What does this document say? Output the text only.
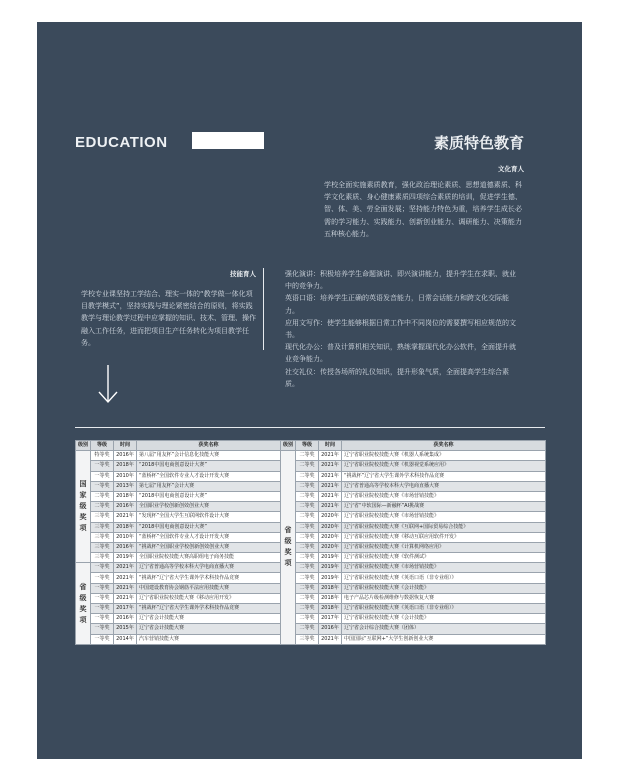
EDUCATION	素质特色教育
文化育人
学校全面实施素质教育，强化政治理论素质、思想道德素质、科学文化素质、身心健康素质四项综合素质的培训，促进学生德、智、体、美、劳全面发展；坚持能力特色为重，培养学生成长必需的学习能力、实践能力、创新创业能力、调研能力、决策能力五种核心能力。
技能育人
学校专业课坚持工学结合、理实一体的“教学做一体化项目教学模式”，坚持实践与理论紧密结合的原则，将实践教学与理论教学过程中应掌握的知识、技术、管理、操作融入工作任务，进而把项目生产任务转化为项目教学任务。
强化演讲：积极培养学生命题演讲、即兴演讲能力，提升学生在求职、就业中的竞争力。
英语口语：培养学生正确的英语发音能力，日常会话能力和跨文化交际能力。
应用文写作：使学生能够根据日常工作中不同岗位的需要撰写相应规范的文书。
现代化办公：普及计算机相关知识，熟练掌握现代化办公软件，全面提升就业竞争能力。
社交礼仪：传授各场所的礼仪知识，提升形象气质，全面提高学生综合素质。
级别	等级	时间	获奖名称	级别	等级	时间	获奖名称
国家级奖项	特等奖	2016年	第八届“用友杯”会计信息化技能大赛	省级奖项	二等奖	2021年	辽宁省职业院校技能大赛《机器人系统集成》
	一等奖	2018年	“2018中国电商创意设计大赛”		二等奖	2021年	辽宁省职业院校技能大赛《机器视觉系统应用》
	一等奖	2010年	“蓝桥杯”全国软件专业人才设计开发大赛		二等奖	2021年	“挑战杯”辽宁省大学生课外学术科技作品竞赛
	一等奖	2013年	第七届“用友杯”会计大赛		二等奖	2021年	辽宁省普通高等学校本科大学电商直播大赛
	二等奖	2018年	“2018中国电商创意设计大赛”		二等奖	2021年	辽宁省职业院校技能大赛《市场营销技能》
	二等奖	2016年	全国职业学校创新创效创业大赛		二等奖	2021年	辽宁省“中软国际—新融杯”AI挑战赛
	三等奖	2021年	“发现杯”全国大学生互联网软件设计大赛		二等奖	2020年	辽宁省职业院校技能大赛《市场营销技能》
	三等奖	2018年	“2018中国电商创意设计大赛”		二等奖	2020年	辽宁省职业院校技能大赛《互联网+国际贸易综合技能》
	三等奖	2010年	“蓝桥杯”全国软件专业人才设计开发大赛		二等奖	2020年	辽宁省职业院校技能大赛《移动互联应用软件开发》
	三等奖	2016年	“挑战杯”全国职业学校创新创效创业大赛		二等奖	2020年	辽宁省职业院校技能大赛《计算机网络应用》
	三等奖	2019年	全国职业院校技能大赛高职组电子商务技能		二等奖	2019年	辽宁省职业院校技能大赛《软件测试》
省级奖项	一等奖	2021年	辽宁省普通高等学校本科大学电商直播大赛		二等奖	2019年	辽宁省职业院校技能大赛《市场营销技能》
	一等奖	2021年	“挑战杯”辽宁省大学生课外学术科技作品竞赛		二等奖	2019年	辽宁省职业院校技能大赛《英语口语（非专业组）》
	一等奖	2021年	中国建设教育协会钢筋平法应用技能大赛		二等奖	2018年	辽宁省职业院校技能大赛《会计技能》
	一等奖	2021年	辽宁省职业院校技能大赛《移动应用开发》		二等奖	2018年	电子产品芯片级检测维修与数据恢复大赛
	一等奖	2017年	“挑战杯”辽宁省大学生课外学术科技作品竞赛		二等奖	2018年	辽宁省职业院校技能大赛《英语口语（非专业组）》
	一等奖	2016年	辽宁省会计技能大赛		二等奖	2017年	辽宁省职业院校技能大赛《会计技能》
	一等奖	2015年	辽宁省会计技能大赛		二等奖	2016年	辽宁省会计综合技能大赛（团体）
	一等奖	2014年	汽车营销技能大赛		三等奖	2021年	中国国际“互联网+”大学生创新创业大赛
